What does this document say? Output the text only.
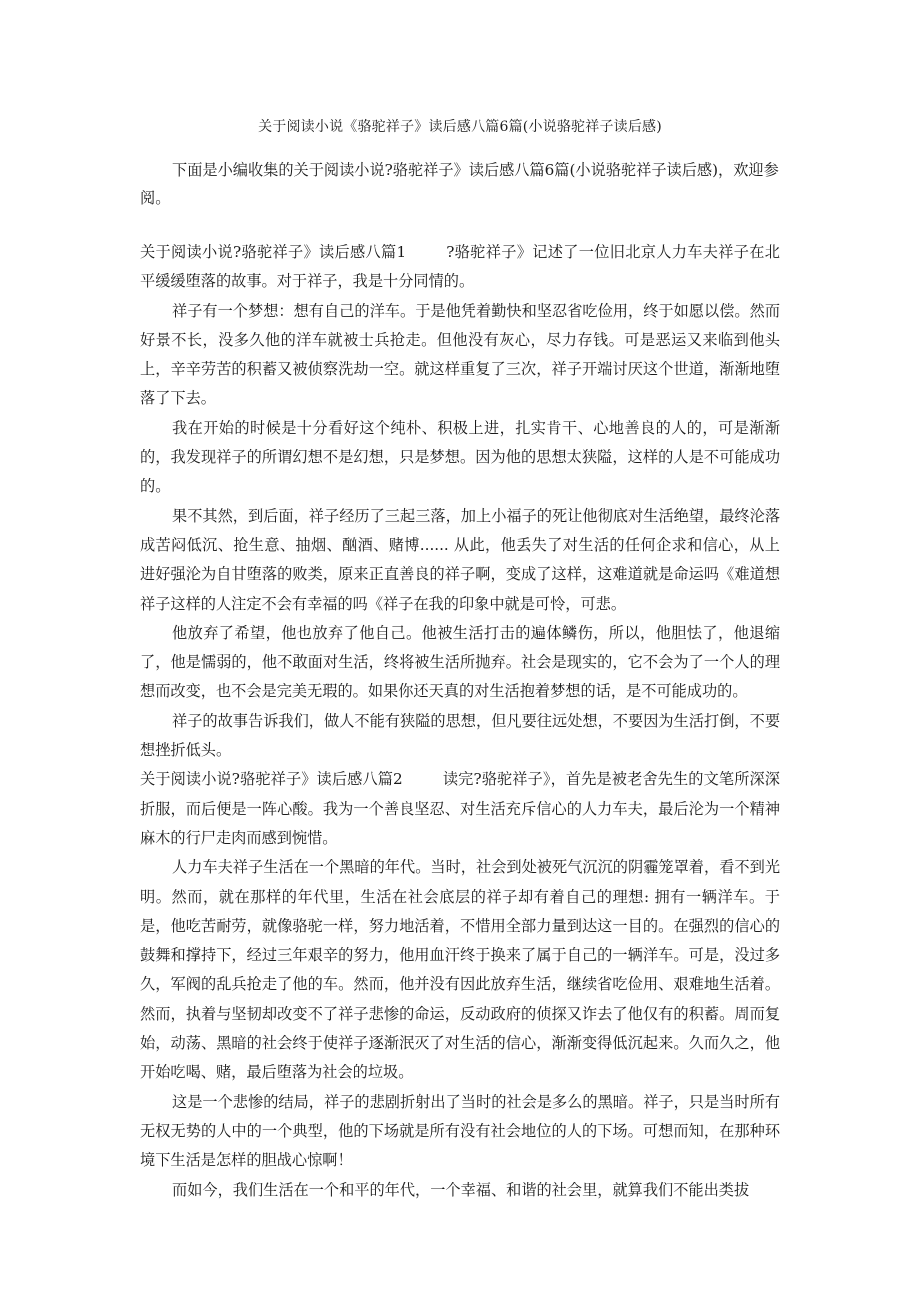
关于阅读小说《骆驼祥子》读后感八篇6篇(小说骆驼祥子读后感)

下面是小编收集的关于阅读小说?骆驼祥子》读后感八篇6篇(小说骆驼祥子读后感)，欢迎参阅。

关于阅读小说?骆驼祥子》读后感八篇1	?骆驼祥子》记述了一位旧北京人力车夫祥子在北平缓缓堕落的故事。对于祥子，我是十分同情的。

祥子有一个梦想：想有自己的洋车。于是他凭着勤快和坚忍省吃俭用，终于如愿以偿。然而好景不长，没多久他的洋车就被士兵抢走。但他没有灰心，尽力存钱。可是恶运又来临到他头上，辛辛劳苦的积蓄又被侦察洗劫一空。就这样重复了三次，祥子开端讨厌这个世道，渐渐地堕落了下去。

我在开始的时候是十分看好这个纯朴、积极上进，扎实肯干、心地善良的人的，可是渐渐的，我发现祥子的所谓幻想不是幻想，只是梦想。因为他的思想太狭隘，这样的人是不可能成功的。

果不其然，到后面，祥子经历了三起三落，加上小福子的死让他彻底对生活绝望，最终沦落成苦闷低沉、抢生意、抽烟、酗酒、赌博...... 从此，他丢失了对生活的任何企求和信心，从上进好强沦为自甘堕落的败类，原来正直善良的祥子啊，变成了这样，这难道就是命运吗《难道想祥子这样的人注定不会有幸福的吗《祥子在我的印象中就是可怜，可悲。

他放弃了希望，他也放弃了他自己。他被生活打击的遍体鳞伤，所以，他胆怯了，他退缩了，他是懦弱的，他不敢面对生活，终将被生活所抛弃。社会是现实的，它不会为了一个人的理想而改变，也不会是完美无瑕的。如果你还天真的对生活抱着梦想的话，是不可能成功的。

祥子的故事告诉我们，做人不能有狭隘的思想，但凡要往远处想，不要因为生活打倒，不要想挫折低头。

关于阅读小说?骆驼祥子》读后感八篇2	读完?骆驼祥子》，首先是被老舍先生的文笔所深深折服，而后便是一阵心酸。我为一个善良坚忍、对生活充斥信心的人力车夫，最后沦为一个精神麻木的行尸走肉而感到惋惜。

人力车夫祥子生活在一个黑暗的年代。当时，社会到处被死气沉沉的阴霾笼罩着，看不到光明。然而，就在那样的年代里，生活在社会底层的祥子却有着自己的理想: 拥有一辆洋车。于是，他吃苦耐劳，就像骆驼一样，努力地活着，不惜用全部力量到达这一目的。在强烈的信心的鼓舞和撑持下，经过三年艰辛的努力，他用血汗终于换来了属于自己的一辆洋车。可是，没过多久，军阀的乱兵抢走了他的车。然而，他并没有因此放弃生活，继续省吃俭用、艰难地生活着。然而，执着与坚韧却改变不了祥子悲惨的命运，反动政府的侦探又诈去了他仅有的积蓄。周而复始，动荡、黑暗的社会终于使祥子逐渐泯灭了对生活的信心，渐渐变得低沉起来。久而久之，他开始吃喝、赌，最后堕落为社会的垃圾。

这是一个悲惨的结局，祥子的悲剧折射出了当时的社会是多么的黑暗。祥子，只是当时所有无权无势的人中的一个典型，他的下场就是所有没有社会地位的人的下场。可想而知，在那种环境下生活是怎样的胆战心惊啊！

而如今，我们生活在一个和平的年代，一个幸福、和谐的社会里，就算我们不能出类拔
